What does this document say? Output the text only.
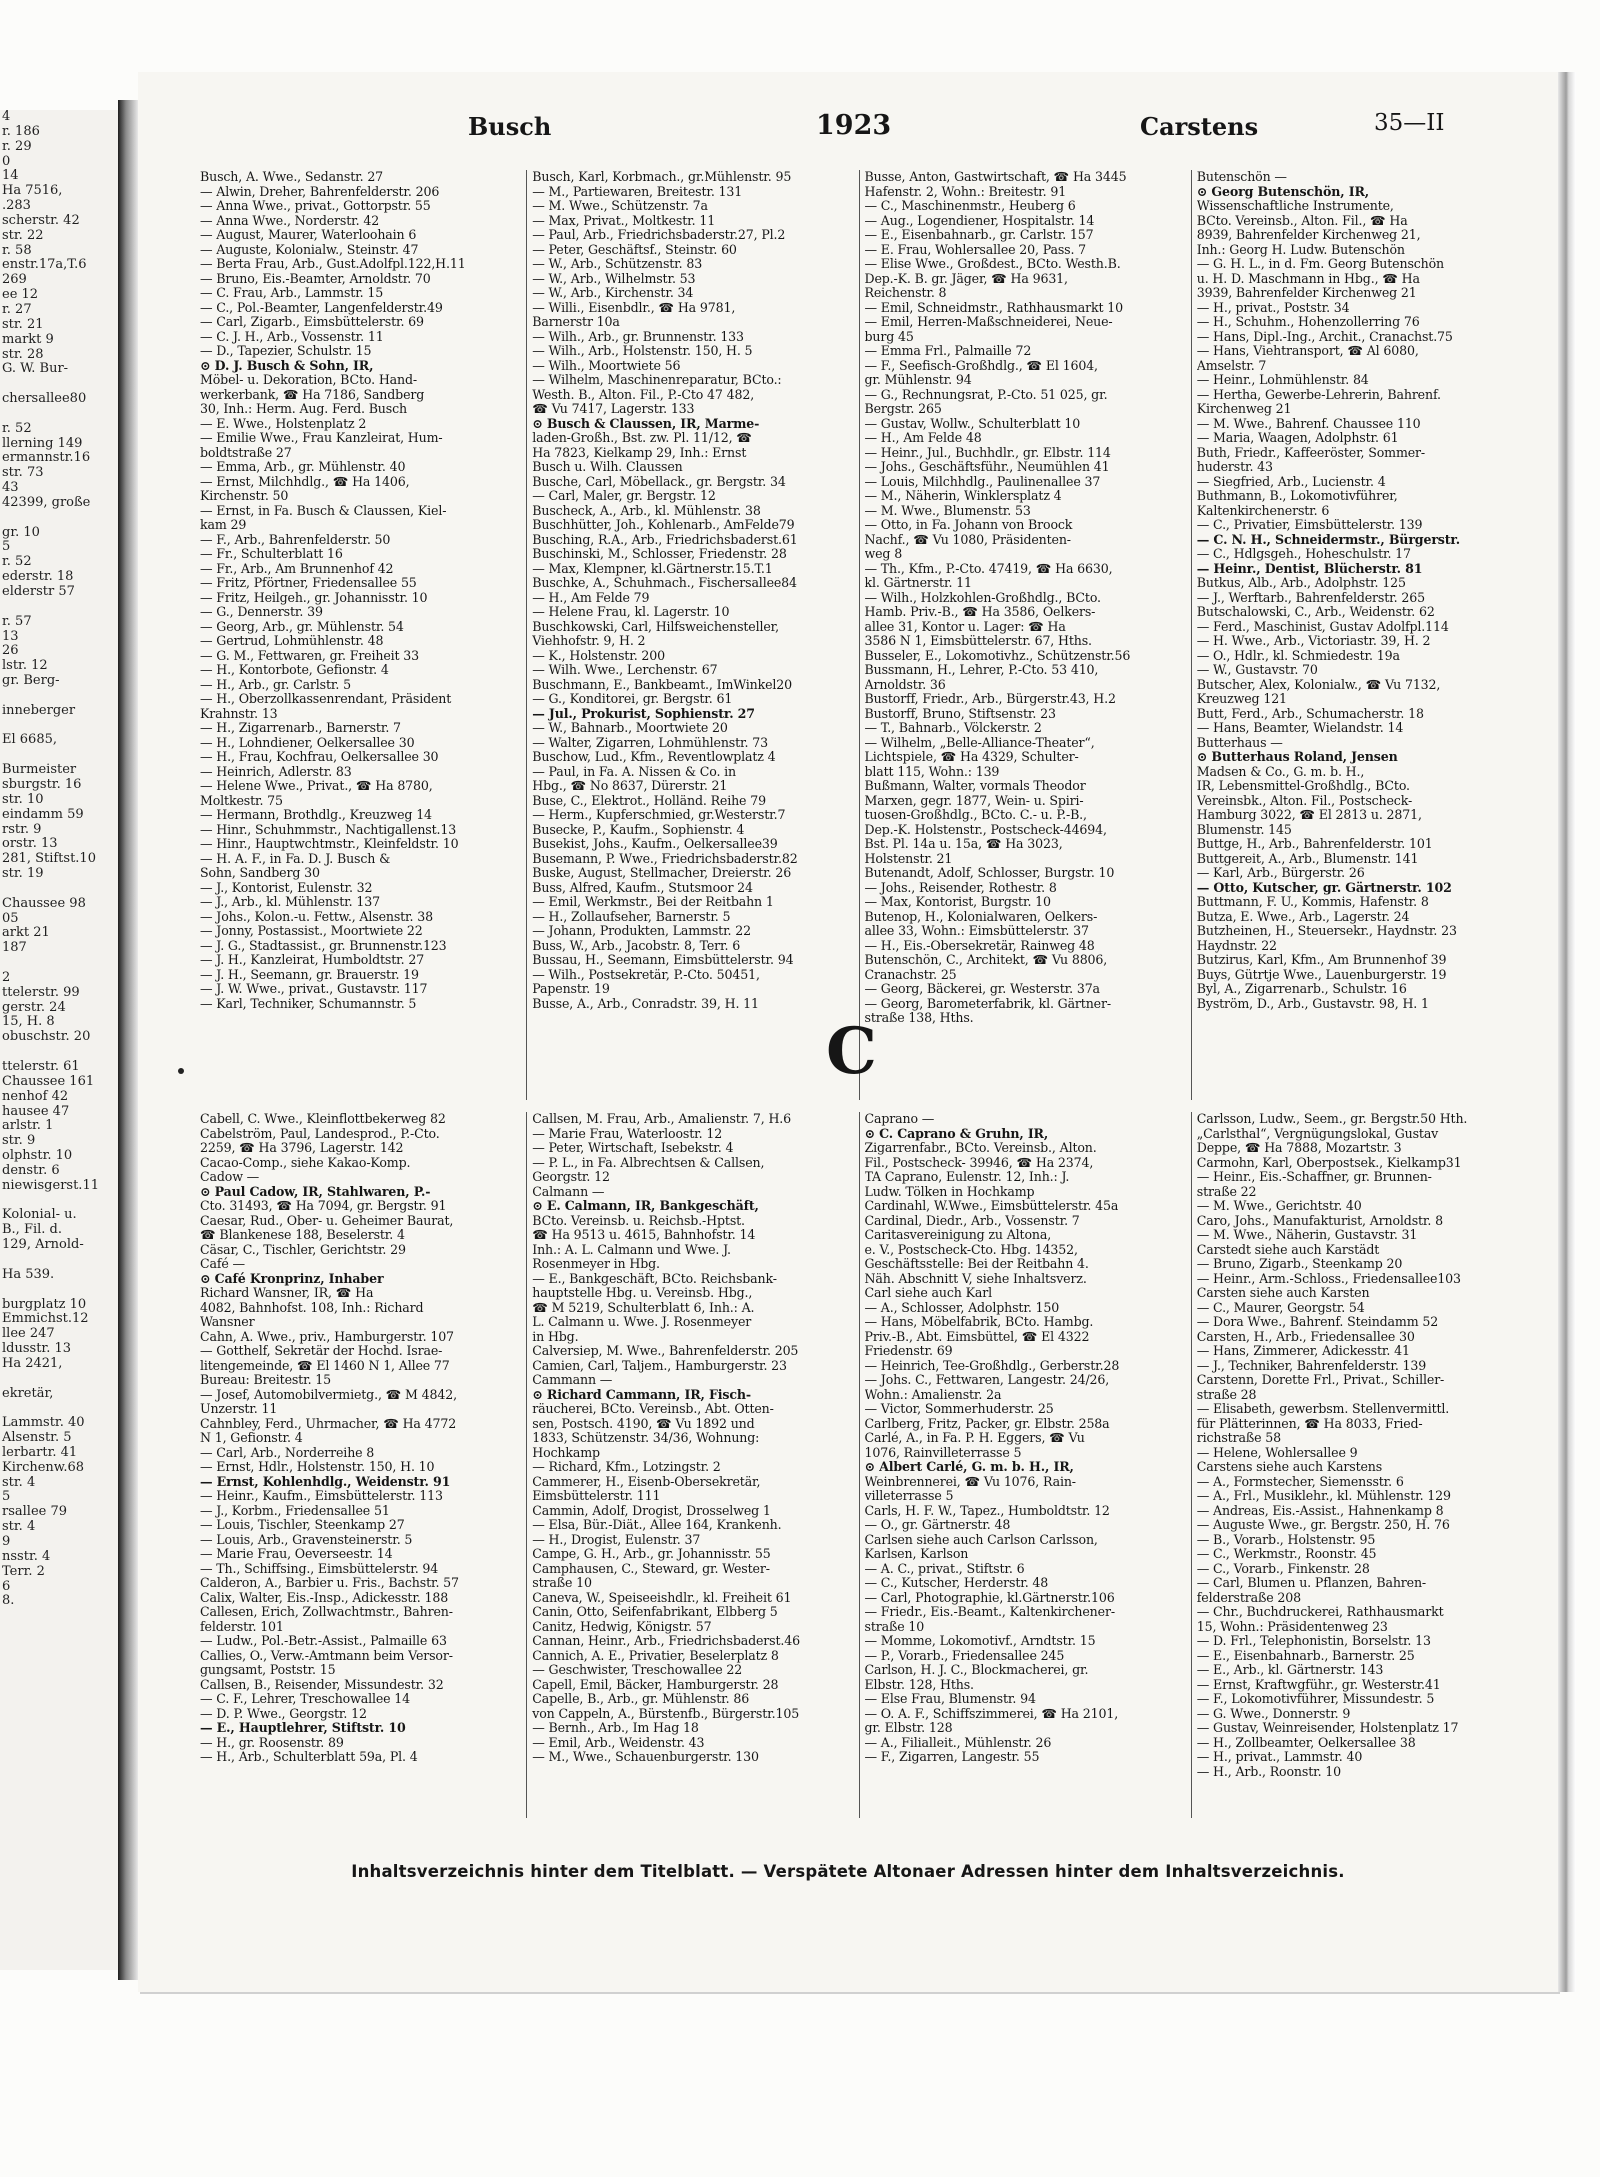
4
r. 186
r. 29
0
14
Ha 7516,
.283
scherstr. 42
str. 22
r. 58
enstr.17a,T.6
269
ee 12
r. 27
str. 21
markt 9
str. 28
G. W. Bur-

chersallee80

r. 52
llerning 149
ermannstr.16
str. 73
43
42399, große

gr. 10
5
r. 52
ederstr. 18
elderstr 57

r. 57
13
26
lstr. 12
gr. Berg-

inneberger

El 6685,

Burmeister
sburgstr. 16
str. 10
eindamm 59
rstr. 9
orstr. 13
281, Stiftst.10
str. 19

Chaussee 98
05
arkt 21
187

2
ttelerstr. 99
gerstr. 24
15, H. 8
obuschstr. 20

ttelerstr. 61
Chaussee 161
nenhof 42
hausee 47
arlstr. 1
str. 9
olphstr. 10
denstr. 6
niewisgerst.11

Kolonial- u.
B., Fil. d.
129, Arnold-

Ha 539.

burgplatz 10
Emmichst.12
llee 247
ldusstr. 13
Ha 2421,

ekretär,

Lammstr. 40
Alsenstr. 5
lerbartr. 41
Kirchenw.68
str. 4
5
rsallee 79
str. 4
9
nsstr. 4
Terr. 2
6
8.
Busch	1923	Carstens	35—II
Busch, A. Wwe., Sedanstr. 27
— Alwin, Dreher, Bahrenfelderstr. 206
— Anna Wwe., privat., Gottorpstr. 55
— Anna Wwe., Norderstr. 42
— August, Maurer, Waterloohain 6
— Auguste, Kolonialw., Steinstr. 47
— Berta Frau, Arb., Gust.Adolfpl.122,H.11
— Bruno, Eis.-Beamter, Arnoldstr. 70
— C. Frau, Arb., Lammstr. 15
— C., Pol.-Beamter, Langenfelderstr.49
— Carl, Zigarb., Eimsbüttelerstr. 69
— C. J. H., Arb., Vossenstr. 11
— D., Tapezier, Schulstr. 15
⊙ D. J. Busch & Sohn, IR,
Möbel- u. Dekoration, BCto. Hand-
werkerbank, ☎ Ha 7186, Sandberg
30, Inh.: Herm. Aug. Ferd. Busch
— E. Wwe., Holstenplatz 2
— Emilie Wwe., Frau Kanzleirat, Hum-
boldtstraße 27
— Emma, Arb., gr. Mühlenstr. 40
— Ernst, Milchhdlg., ☎ Ha 1406,
Kirchenstr. 50
— Ernst, in Fa. Busch & Claussen, Kiel-
kam 29
— F., Arb., Bahrenfelderstr. 50
— Fr., Schulterblatt 16
— Fr., Arb., Am Brunnenhof 42
— Fritz, Pförtner, Friedensallee 55
— Fritz, Heilgeh., gr. Johannisstr. 10
— G., Dennerstr. 39
— Georg, Arb., gr. Mühlenstr. 54
— Gertrud, Lohmühlenstr. 48
— G. M., Fettwaren, gr. Freiheit 33
— H., Kontorbote, Gefionstr. 4
— H., Arb., gr. Carlstr. 5
— H., Oberzollkassenrendant, Präsident
Krahnstr. 13
— H., Zigarrenarb., Barnerstr. 7
— H., Lohndiener, Oelkersallee 30
— H., Frau, Kochfrau, Oelkersallee 30
— Heinrich, Adlerstr. 83
— Helene Wwe., Privat., ☎ Ha 8780,
Moltkestr. 75
— Hermann, Brothdlg., Kreuzweg 14
— Hinr., Schuhmmstr., Nachtigallenst.13
— Hinr., Hauptwchtmstr., Kleinfeldstr. 10
— H. A. F., in Fa. D. J. Busch &
Sohn, Sandberg 30
— J., Kontorist, Eulenstr. 32
— J., Arb., kl. Mühlenstr. 137
— Johs., Kolon.-u. Fettw., Alsenstr. 38
— Jonny, Postassist., Moortwiete 22
— J. G., Stadtassist., gr. Brunnenstr.123
— J. H., Kanzleirat, Humboldtstr. 27
— J. H., Seemann, gr. Brauerstr. 19
— J. W. Wwe., privat., Gustavstr. 117
— Karl, Techniker, Schumannstr. 5
Busch, Karl, Korbmach., gr.Mühlenstr. 95
— M., Partiewaren, Breitestr. 131
— M. Wwe., Schützenstr. 7a
— Max, Privat., Moltkestr. 11
— Paul, Arb., Friedrichsbaderstr.27, Pl.2
— Peter, Geschäftsf., Steinstr. 60
— W., Arb., Schützenstr. 83
— W., Arb., Wilhelmstr. 53
— W., Arb., Kirchenstr. 34
— Willi., Eisenbdlr., ☎ Ha 9781,
Barnerstr 10a
— Wilh., Arb., gr. Brunnenstr. 133
— Wilh., Arb., Holstenstr. 150, H. 5
— Wilh., Moortwiete 56
— Wilhelm, Maschinenreparatur, BCto.:
Westh. B., Alton. Fil., P.-Cto 47 482,
☎ Vu 7417, Lagerstr. 133
⊙ Busch & Claussen, IR, Marme-
laden-Großh., Bst. zw. Pl. 11/12, ☎
Ha 7823, Kielkamp 29, Inh.: Ernst
Busch u. Wilh. Claussen
Busche, Carl, Möbellack., gr. Bergstr. 34
— Carl, Maler, gr. Bergstr. 12
Buscheck, A., Arb., kl. Mühlenstr. 38
Buschhütter, Joh., Kohlenarb., AmFelde79
Busching, R.A., Arb., Friedrichsbaderst.61
Buschinski, M., Schlosser, Friedenstr. 28
— Max, Klempner, kl.Gärtnerstr.15.T.1
Buschke, A., Schuhmach., Fischersallee84
— H., Am Felde 79
— Helene Frau, kl. Lagerstr. 10
Buschkowski, Carl, Hilfsweichensteller,
Viehhofstr. 9, H. 2
— K., Holstenstr. 200
— Wilh. Wwe., Lerchenstr. 67
Buschmann, E., Bankbeamt., ImWinkel20
— G., Konditorei, gr. Bergstr. 61
— Jul., Prokurist, Sophienstr. 27
— W., Bahnarb., Moortwiete 20
— Walter, Zigarren, Lohmühlenstr. 73
Buschow, Lud., Kfm., Reventlowplatz 4
— Paul, in Fa. A. Nissen & Co. in
Hbg., ☎ No 8637, Dürerstr. 21
Buse, C., Elektrot., Holländ. Reihe 79
— Herm., Kupferschmied, gr.Westerstr.7
Busecke, P., Kaufm., Sophienstr. 4
Busekist, Johs., Kaufm., Oelkersallee39
Busemann, P. Wwe., Friedrichsbaderstr.82
Buske, August, Stellmacher, Dreierstr. 26
Buss, Alfred, Kaufm., Stutsmoor 24
— Emil, Werkmstr., Bei der Reitbahn 1
— H., Zollaufseher, Barnerstr. 5
— Johann, Produkten, Lammstr. 22
Buss, W., Arb., Jacobstr. 8, Terr. 6
Bussau, H., Seemann, Eimsbüttelerstr. 94
— Wilh., Postsekretär, P.-Cto. 50451,
Papenstr. 19
Busse, A., Arb., Conradstr. 39, H. 11
Busse, Anton, Gastwirtschaft, ☎ Ha 3445
Hafenstr. 2, Wohn.: Breitestr. 91
— C., Maschinenmstr., Heuberg 6
— Aug., Logendiener, Hospitalstr. 14
— E., Eisenbahnarb., gr. Carlstr. 157
— E. Frau, Wohlersallee 20, Pass. 7
— Elise Wwe., Großdest., BCto. Westh.B.
Dep.-K. B. gr. Jäger, ☎ Ha 9631,
Reichenstr. 8
— Emil, Schneidmstr., Rathhausmarkt 10
— Emil, Herren-Maßschneiderei, Neue-
burg 45
— Emma Frl., Palmaille 72
— F., Seefisch-Großhdlg., ☎ El 1604,
gr. Mühlenstr. 94
— G., Rechnungsrat, P.-Cto. 51 025, gr.
Bergstr. 265
— Gustav, Wollw., Schulterblatt 10
— H., Am Felde 48
— Heinr., Jul., Buchhdlr., gr. Elbstr. 114
— Johs., Geschäftsführ., Neumühlen 41
— Louis, Milchhdlg., Paulinenallee 37
— M., Näherin, Winklersplatz 4
— M. Wwe., Blumenstr. 53
— Otto, in Fa. Johann von Broock
Nachf., ☎ Vu 1080, Präsidenten-
weg 8
— Th., Kfm., P.-Cto. 47419, ☎ Ha 6630,
kl. Gärtnerstr. 11
— Wilh., Holzkohlen-Großhdlg., BCto.
Hamb. Priv.-B., ☎ Ha 3586, Oelkers-
allee 31, Kontor u. Lager: ☎ Ha
3586 N 1, Eimsbüttelerstr. 67, Hths.
Busseler, E., Lokomotivhz., Schützenstr.56
Bussmann, H., Lehrer, P.-Cto. 53 410,
Arnoldstr. 36
Bustorff, Friedr., Arb., Bürgerstr.43, H.2
Bustorff, Bruno, Stiftsenstr. 23
— T., Bahnarb., Völckerstr. 2
— Wilhelm, „Belle-Alliance-Theater“,
Lichtspiele, ☎ Ha 4329, Schulter-
blatt 115, Wohn.: 139
Bußmann, Walter, vormals Theodor
Marxen, gegr. 1877, Wein- u. Spiri-
tuosen-Großhdlg., BCto. C.- u. P.-B.,
Dep.-K. Holstenstr., Postscheck-44694,
Bst. Pl. 14a u. 15a, ☎ Ha 3023,
Holstenstr. 21
Butenandt, Adolf, Schlosser, Burgstr. 10
— Johs., Reisender, Rothestr. 8
— Max, Kontorist, Burgstr. 10
Butenop, H., Kolonialwaren, Oelkers-
allee 33, Wohn.: Eimsbüttelerstr. 37
— H., Eis.-Obersekretär, Rainweg 48
Butenschön, C., Architekt, ☎ Vu 8806,
Cranachstr. 25
— Georg, Bäckerei, gr. Westerstr. 37a
— Georg, Barometerfabrik, kl. Gärtner-
straße 138, Hths.
Butenschön —
⊙ Georg Butenschön, IR,
Wissenschaftliche Instrumente,
BCto. Vereinsb., Alton. Fil., ☎ Ha
8939, Bahrenfelder Kirchenweg 21,
Inh.: Georg H. Ludw. Butenschön
— G. H. L., in d. Fm. Georg Butenschön
u. H. D. Maschmann in Hbg., ☎ Ha
3939, Bahrenfelder Kirchenweg 21
— H., privat., Poststr. 34
— H., Schuhm., Hohenzollerring 76
— Hans, Dipl.-Ing., Archit., Cranachst.75
— Hans, Viehtransport, ☎ Al 6080,
Amselstr. 7
— Heinr., Lohmühlenstr. 84
— Hertha, Gewerbe-Lehrerin, Bahrenf.
Kirchenweg 21
— M. Wwe., Bahrenf. Chaussee 110
— Maria, Waagen, Adolphstr. 61
Buth, Friedr., Kaffeeröster, Sommer-
huderstr. 43
— Siegfried, Arb., Lucienstr. 4
Buthmann, B., Lokomotivführer,
Kaltenkirchenerstr. 6
— C., Privatier, Eimsbüttelerstr. 139
— C. N. H., Schneidermstr., Bürgerstr.
— C., Hdlgsgeh., Hoheschulstr. 17
— Heinr., Dentist, Blücherstr. 81
Butkus, Alb., Arb., Adolphstr. 125
— J., Werftarb., Bahrenfelderstr. 265
Butschalowski, C., Arb., Weidenstr. 62
— Ferd., Maschinist, Gustav Adolfpl.114
— H. Wwe., Arb., Victoriastr. 39, H. 2
— O., Hdlr., kl. Schmiedestr. 19a
— W., Gustavstr. 70
Butscher, Alex, Kolonialw., ☎ Vu 7132,
Kreuzweg 121
Butt, Ferd., Arb., Schumacherstr. 18
— Hans, Beamter, Wielandstr. 14
Butterhaus —
⊙ Butterhaus Roland, Jensen
Madsen & Co., G. m. b. H.,
IR, Lebensmittel-Großhdlg., BCto.
Vereinsbk., Alton. Fil., Postscheck-
Hamburg 3022, ☎ El 2813 u. 2871,
Blumenstr. 145
Buttge, H., Arb., Bahrenfelderstr. 101
Buttgereit, A., Arb., Blumenstr. 141
— Karl, Arb., Bürgerstr. 26
— Otto, Kutscher, gr. Gärtnerstr. 102
Buttmann, F. U., Kommis, Hafenstr. 8
Butza, E. Wwe., Arb., Lagerstr. 24
Butzheinen, H., Steuersekr., Haydnstr. 23
Haydnstr. 22
Butzirus, Karl, Kfm., Am Brunnenhof 39
Buys, Gütrtje Wwe., Lauenburgerstr. 19
Byl, A., Zigarrenarb., Schulstr. 16
Byström, D., Arb., Gustavstr. 98, H. 1
C
Cabell, C. Wwe., Kleinflottbekerweg 82
Cabelström, Paul, Landesprod., P.-Cto.
2259, ☎ Ha 3796, Lagerstr. 142
Cacao-Comp., siehe Kakao-Komp.
Cadow —
⊙ Paul Cadow, IR, Stahlwaren, P.-
Cto. 31493, ☎ Ha 7094, gr. Bergstr. 91
Caesar, Rud., Ober- u. Geheimer Baurat,
☎ Blankenese 188, Beselerstr. 4
Cäsar, C., Tischler, Gerichtstr. 29
Café —
⊙ Café Kronprinz, Inhaber
Richard Wansner, IR, ☎ Ha
4082, Bahnhofst. 108, Inh.: Richard
Wansner
Cahn, A. Wwe., priv., Hamburgerstr. 107
— Gotthelf, Sekretär der Hochd. Israe-
litengemeinde, ☎ El 1460 N 1, Allee 77
Bureau: Breitestr. 15
— Josef, Automobilvermietg., ☎ M 4842,
Unzerstr. 11
Cahnbley, Ferd., Uhrmacher, ☎ Ha 4772
N 1, Gefionstr. 4
— Carl, Arb., Norderreihe 8
— Ernst, Hdlr., Holstenstr. 150, H. 10
— Ernst, Kohlenhdlg., Weidenstr. 91
— Heinr., Kaufm., Eimsbüttelerstr. 113
— J., Korbm., Friedensallee 51
— Louis, Tischler, Steenkamp 27
— Louis, Arb., Gravensteinerstr. 5
— Marie Frau, Oeverseestr. 14
— Th., Schiffsing., Eimsbüttelerstr. 94
Calderon, A., Barbier u. Fris., Bachstr. 57
Calix, Walter, Eis.-Insp., Adickesstr. 188
Callesen, Erich, Zollwachtmstr., Bahren-
felderstr. 101
— Ludw., Pol.-Betr.-Assist., Palmaille 63
Callies, O., Verw.-Amtmann beim Versor-
gungsamt, Poststr. 15
Callsen, B., Reisender, Missundestr. 32
— C. F., Lehrer, Treschowallee 14
— D. P. Wwe., Georgstr. 12
— E., Hauptlehrer, Stiftstr. 10
— H., gr. Roosenstr. 89
— H., Arb., Schulterblatt 59a, Pl. 4
Callsen, M. Frau, Arb., Amalienstr. 7, H.6
— Marie Frau, Waterloostr. 12
— Peter, Wirtschaft, Isebekstr. 4
— P. L., in Fa. Albrechtsen & Callsen,
Georgstr. 12
Calmann —
⊙ E. Calmann, IR, Bankgeschäft,
BCto. Vereinsb. u. Reichsb.-Hptst.
☎ Ha 9513 u. 4615, Bahnhofstr. 14
Inh.: A. L. Calmann und Wwe. J.
Rosenmeyer in Hbg.
— E., Bankgeschäft, BCto. Reichsbank-
hauptstelle Hbg. u. Vereinsb. Hbg.,
☎ M 5219, Schulterblatt 6, Inh.: A.
L. Calmann u. Wwe. J. Rosenmeyer
in Hbg.
Calversiep, M. Wwe., Bahrenfelderstr. 205
Camien, Carl, Taljem., Hamburgerstr. 23
Cammann —
⊙ Richard Cammann, IR, Fisch-
räucherei, BCto. Vereinsb., Abt. Otten-
sen, Postsch. 4190, ☎ Vu 1892 und
1833, Schützenstr. 34/36, Wohnung:
Hochkamp
— Richard, Kfm., Lotzingstr. 2
Cammerer, H., Eisenb-Obersekretär,
Eimsbüttelerstr. 111
Cammin, Adolf, Drogist, Drosselweg 1
— Elsa, Bür.-Diät., Allee 164, Krankenh.
— H., Drogist, Eulenstr. 37
Campe, G. H., Arb., gr. Johannisstr. 55
Camphausen, C., Steward, gr. Wester-
straße 10
Caneva, W., Speiseeishdlr., kl. Freiheit 61
Canin, Otto, Seifenfabrikant, Elbberg 5
Canitz, Hedwig, Königstr. 57
Cannan, Heinr., Arb., Friedrichsbaderst.46
Cannich, A. E., Privatier, Beselerplatz 8
— Geschwister, Treschowallee 22
Capell, Emil, Bäcker, Hamburgerstr. 28
Capelle, B., Arb., gr. Mühlenstr. 86
von Cappeln, A., Bürstenfb., Bürgerstr.105
— Bernh., Arb., Im Hag 18
— Emil, Arb., Weidenstr. 43
— M., Wwe., Schauenburgerstr. 130
Caprano —
⊙ C. Caprano & Gruhn, IR,
Zigarrenfabr., BCto. Vereinsb., Alton.
Fil., Postscheck- 39946, ☎ Ha 2374,
TA Caprano, Eulenstr. 12, Inh.: J.
Ludw. Tölken in Hochkamp
Cardinahl, W.Wwe., Eimsbüttelerstr. 45a
Cardinal, Diedr., Arb., Vossenstr. 7
Caritasvereinigung zu Altona,
e. V., Postscheck-Cto. Hbg. 14352,
Geschäftsstelle: Bei der Reitbahn 4.
Näh. Abschnitt V, siehe Inhaltsverz.
Carl siehe auch Karl
— A., Schlosser, Adolphstr. 150
— Hans, Möbelfabrik, BCto. Hambg.
Priv.-B., Abt. Eimsbüttel, ☎ El 4322
Friedenstr. 69
— Heinrich, Tee-Großhdlg., Gerberstr.28
— Johs. C., Fettwaren, Langestr. 24/26,
Wohn.: Amalienstr. 2a
— Victor, Sommerhuderstr. 25
Carlberg, Fritz, Packer, gr. Elbstr. 258a
Carlé, A., in Fa. P. H. Eggers, ☎ Vu
1076, Rainvilleterrasse 5
⊙ Albert Carlé, G. m. b. H., IR,
Weinbrennerei, ☎ Vu 1076, Rain-
villeterrasse 5
Carls, H. F. W., Tapez., Humboldtstr. 12
— O., gr. Gärtnerstr. 48
Carlsen siehe auch Carlson Carlsson,
Karlsen, Karlson
— A. C., privat., Stiftstr. 6
— C., Kutscher, Herderstr. 48
— Carl, Photographie, kl.Gärtnerstr.106
— Friedr., Eis.-Beamt., Kaltenkirchener-
straße 10
— Momme, Lokomotivf., Arndtstr. 15
— P., Vorarb., Friedensallee 245
Carlson, H. J. C., Blockmacherei, gr.
Elbstr. 128, Hths.
— Else Frau, Blumenstr. 94
— O. A. F., Schiffszimmerei, ☎ Ha 2101,
gr. Elbstr. 128
— A., Filialleit., Mühlenstr. 26
— F., Zigarren, Langestr. 55
Carlsson, Ludw., Seem., gr. Bergstr.50 Hth.
„Carlsthal“, Vergnügungslokal, Gustav
Deppe, ☎ Ha 7888, Mozartstr. 3
Carmohn, Karl, Oberpostsek., Kielkamp31
— Heinr., Eis.-Schaffner, gr. Brunnen-
straße 22
— M. Wwe., Gerichtstr. 40
Caro, Johs., Manufakturist, Arnoldstr. 8
— M. Wwe., Näherin, Gustavstr. 31
Carstedt siehe auch Karstädt
— Bruno, Zigarb., Steenkamp 20
— Heinr., Arm.-Schloss., Friedensallee103
Carsten siehe auch Karsten
— C., Maurer, Georgstr. 54
— Dora Wwe., Bahrenf. Steindamm 52
Carsten, H., Arb., Friedensallee 30
— Hans, Zimmerer, Adickesstr. 41
— J., Techniker, Bahrenfelderstr. 139
Carstenn, Dorette Frl., Privat., Schiller-
straße 28
— Elisabeth, gewerbsm. Stellenvermittl.
für Plätterinnen, ☎ Ha 8033, Fried-
richstraße 58
— Helene, Wohlersallee 9
Carstens siehe auch Karstens
— A., Formstecher, Siemensstr. 6
— A., Frl., Musiklehr., kl. Mühlenstr. 129
— Andreas, Eis.-Assist., Hahnenkamp 8
— Auguste Wwe., gr. Bergstr. 250, H. 76
— B., Vorarb., Holstenstr. 95
— C., Werkmstr., Roonstr. 45
— C., Vorarb., Finkenstr. 28
— Carl, Blumen u. Pflanzen, Bahren-
felderstraße 208
— Chr., Buchdruckerei, Rathhausmarkt
15, Wohn.: Präsidentenweg 23
— D. Frl., Telephonistin, Borselstr. 13
— E., Eisenbahnarb., Barnerstr. 25
— E., Arb., kl. Gärtnerstr. 143
— Ernst, Kraftwgführ., gr. Westerstr.41
— F., Lokomotivführer, Missundestr. 5
— G. Wwe., Donnerstr. 9
— Gustav, Weinreisender, Holstenplatz 17
— H., Zollbeamter, Oelkersallee 38
— H., privat., Lammstr. 40
— H., Arb., Roonstr. 10
Inhaltsverzeichnis hinter dem Titelblatt. — Verspätete Altonaer Adressen hinter dem Inhaltsverzeichnis.
